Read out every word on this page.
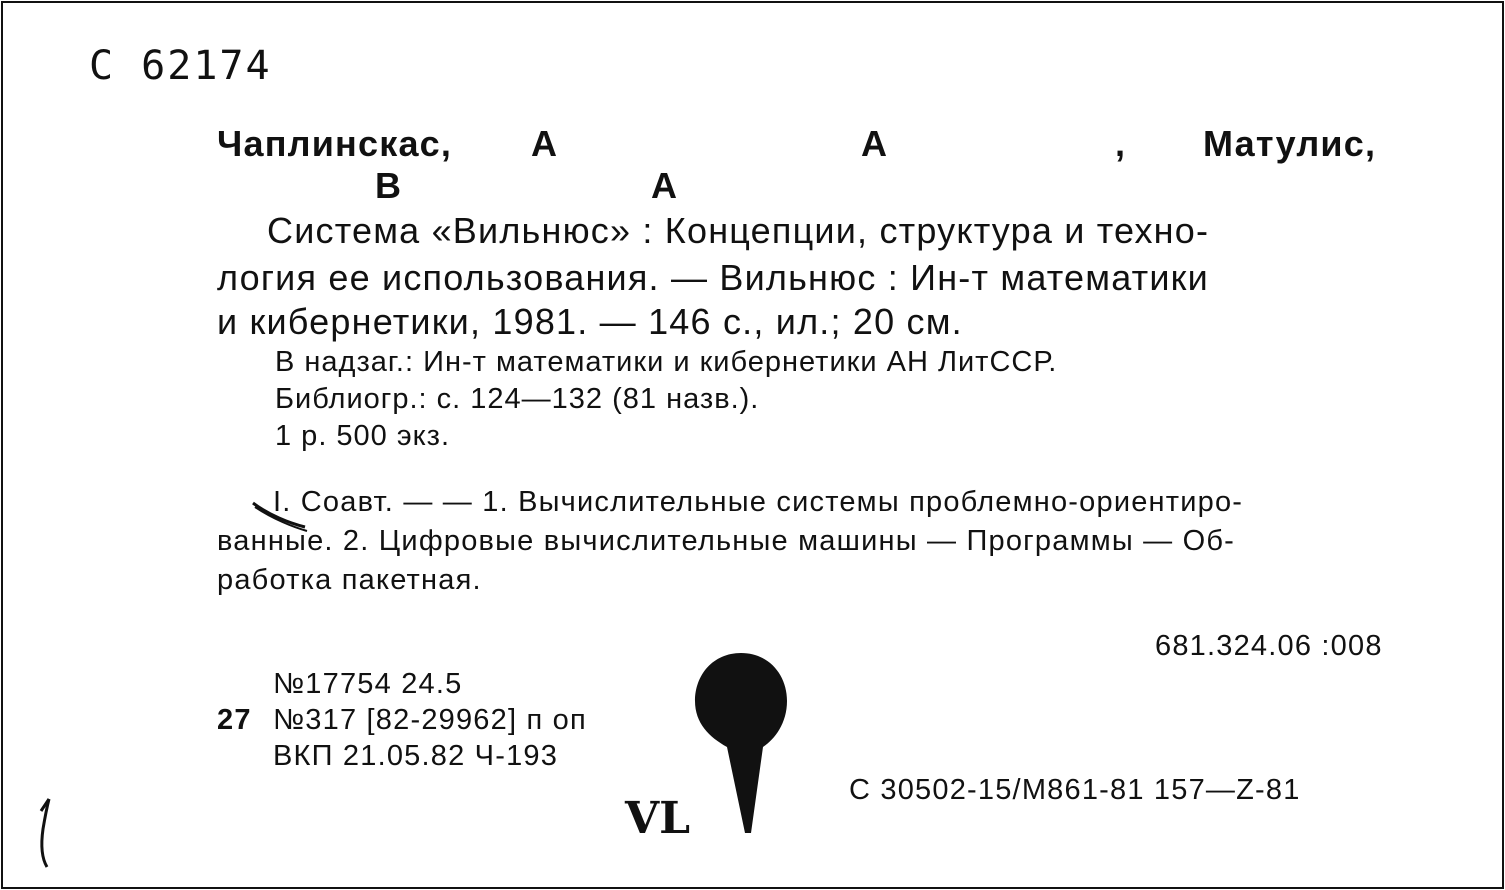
C 62174
Чаплинскас, А	А	, Матулис,
В	А
Система «Вильнюс» : Концепции, структура и техно-
логия ее использования. — Вильнюс : Ин-т математики
и кибернетики, 1981. — 146 с., ил.; 20 см.
В надзаг.: Ин-т математики и кибернетики АН ЛитССР.
Библиогр.: с. 124—132 (81 назв.).
1 р. 500 экз.
I. Соавт. — — 1. Вычислительные системы проблемно-ориентиро-
ванные. 2. Цифровые вычислительные машины — Программы — Об-
работка пакетная.
681.324.06 :008
№17754 24.5
27 №317 [82-29962] п оп
ВКП 21.05.82 Ч-193
С 30502-15/М861-81 157—Z-81
VL
